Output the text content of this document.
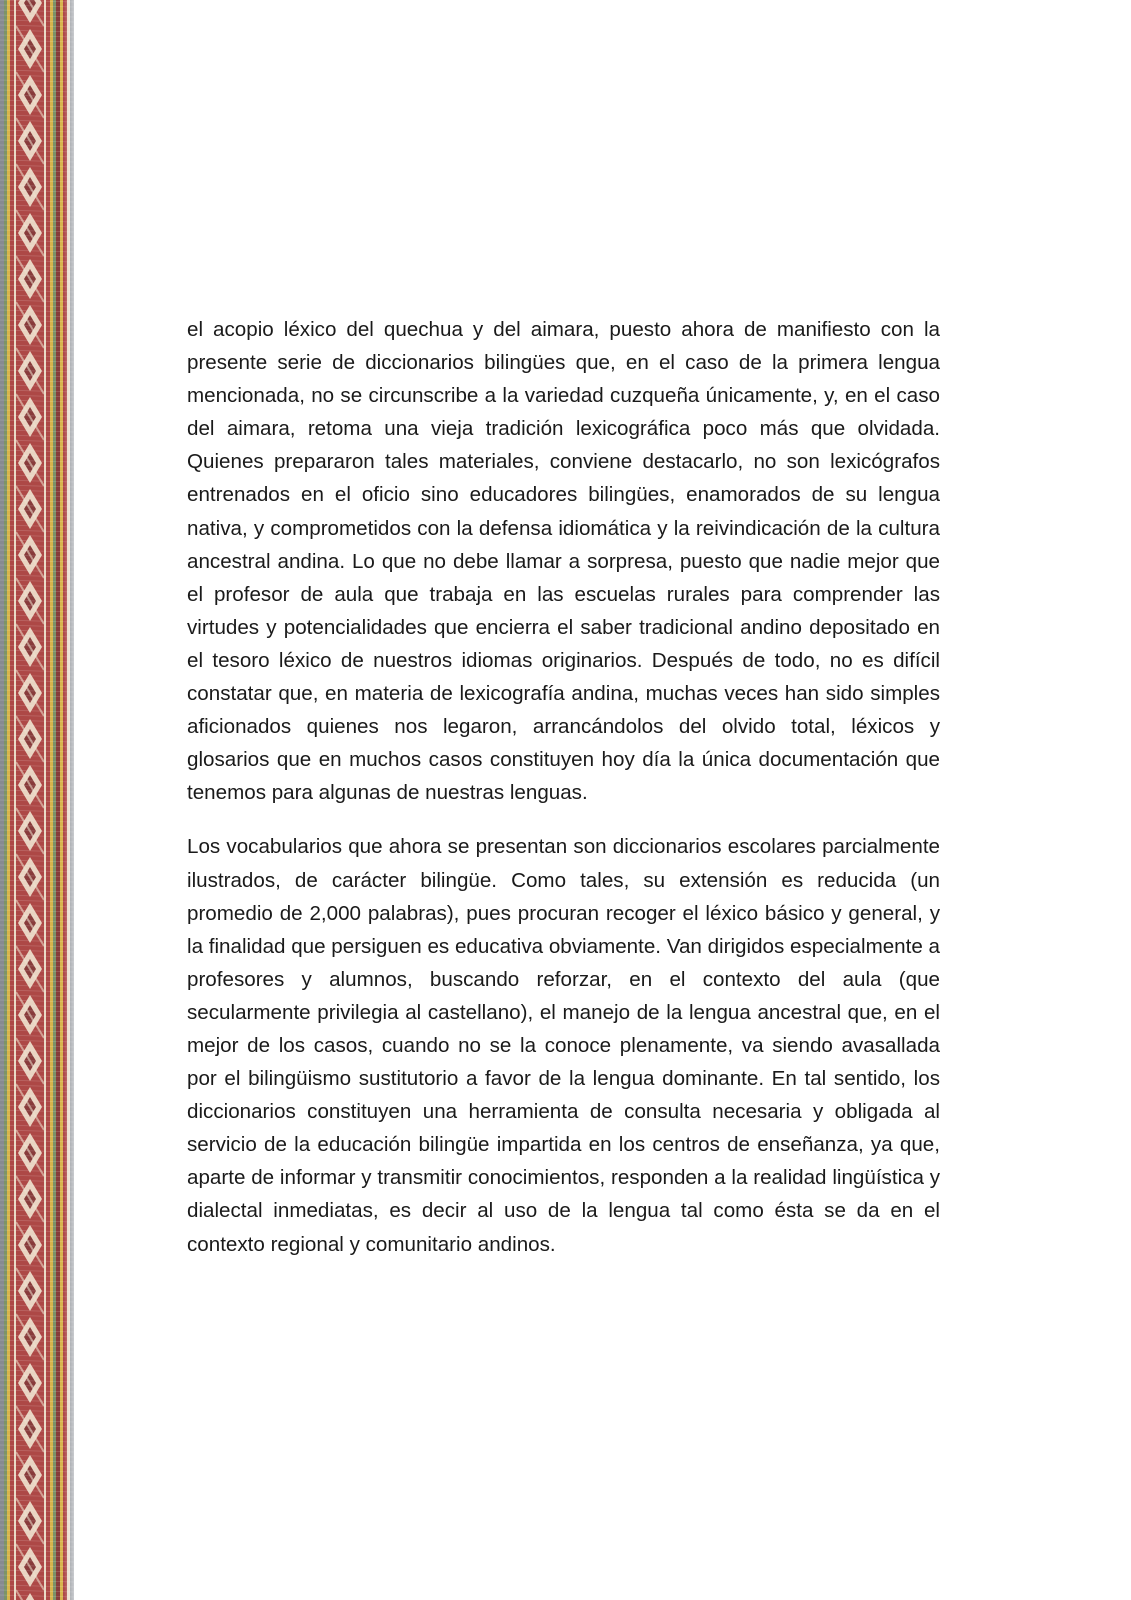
el acopio léxico del quechua y del aimara, puesto ahora de manifiesto con la presente serie de diccionarios bilingües que, en el caso de la primera lengua mencionada, no se circunscribe a la variedad cuzqueña únicamente, y, en el caso del aimara, retoma una vieja tradición lexicográfica poco más que olvidada. Quienes prepararon tales materiales, conviene destacarlo, no son lexicógrafos entrenados en el oficio sino educadores bilingües, enamorados de su lengua nativa, y comprometidos con la defensa idiomática y la reivindicación de la cultura ancestral andina. Lo que no debe llamar a sorpresa, puesto que nadie mejor que el profesor de aula que trabaja en las escuelas rurales para comprender las virtudes y potencialidades que encierra el saber tradicional andino depositado en el tesoro léxico de nuestros idiomas originarios. Después de todo, no es difícil constatar que, en materia de lexicografía andina, muchas veces han sido simples aficionados quienes nos legaron, arrancándolos del olvido total, léxicos y glosarios que en muchos casos constituyen hoy día la única documentación que tenemos para algunas de nuestras lenguas.

Los vocabularios que ahora se presentan son diccionarios escolares parcialmente ilustrados, de carácter bilingüe. Como tales, su extensión es reducida (un promedio de 2,000 palabras), pues procuran recoger el léxico básico y general, y la finalidad que persiguen es educativa obviamente. Van dirigidos especialmente a profesores y alumnos, buscando reforzar, en el contexto del aula (que secularmente privilegia al castellano), el manejo de la lengua ancestral que, en el mejor de los casos, cuando no se la conoce plenamente, va siendo avasallada por el bilingüismo sustitutorio a favor de la lengua dominante. En tal sentido, los diccionarios constituyen una herramienta de consulta necesaria y obligada al servicio de la educación bilingüe impartida en los centros de enseñanza, ya que, aparte de informar y transmitir conocimientos, responden a la realidad lingüística y dialectal inmediatas, es decir al uso de la lengua tal como ésta se da en el contexto regional y comunitario andinos.
